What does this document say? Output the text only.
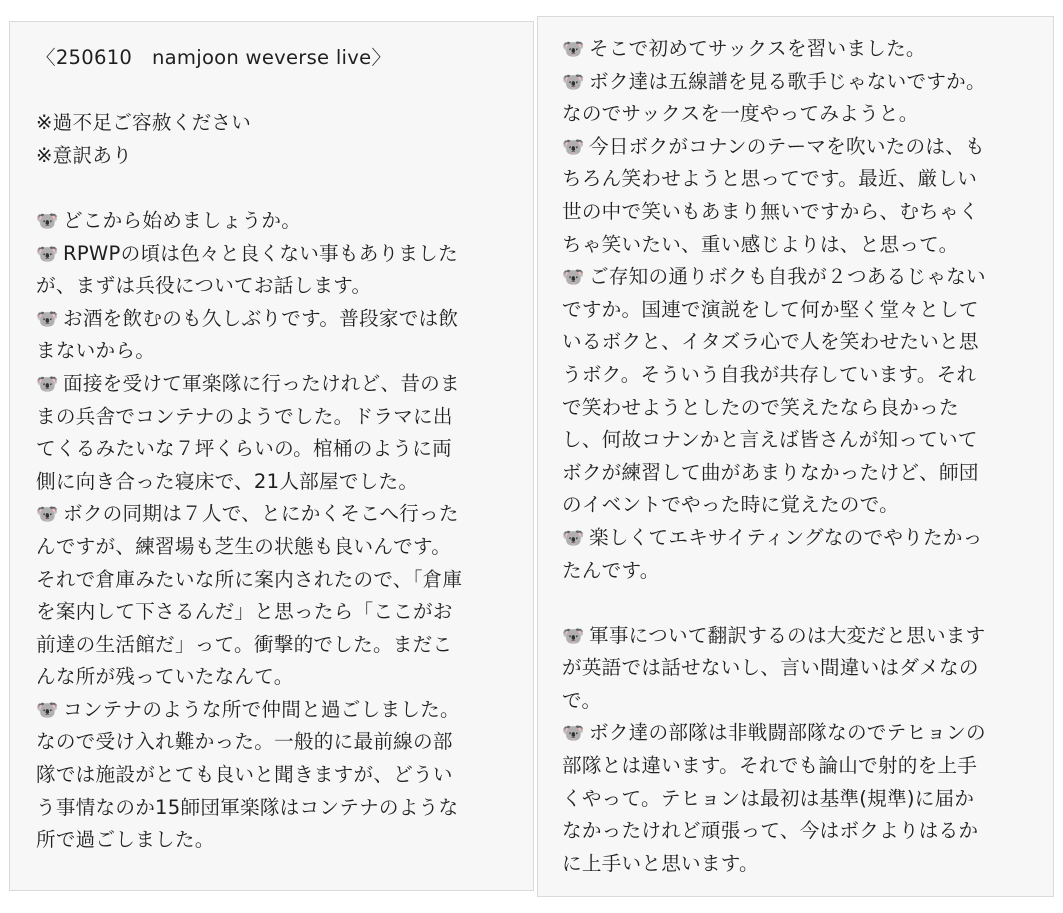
〈250610　namjoon weverse live〉
※過不足ご容赦ください
※意訳あり
🐨 どこから始めましょうか。
🐨 RPWPの頃は色々と良くない事もありました
が、まずは兵役についてお話します。
🐨 お酒を飲むのも久しぶりです。普段家では飲
まないから。
🐨 面接を受けて軍楽隊に行ったけれど、昔のま
まの兵舎でコンテナのようでした。ドラマに出
てくるみたいな７坪くらいの。棺桶のように両
側に向き合った寝床で、21人部屋でした。
🐨 ボクの同期は７人で、とにかくそこへ行った
んですが、練習場も芝生の状態も良いんです。
それで倉庫みたいな所に案内されたので、「倉庫
を案内して下さるんだ」と思ったら「ここがお
前達の生活館だ」って。衝撃的でした。まだこ
んな所が残っていたなんて。
🐨 コンテナのような所で仲間と過ごしました。
なので受け入れ難かった。一般的に最前線の部
隊では施設がとても良いと聞きますが、どうい
う事情なのか15師団軍楽隊はコンテナのような
所で過ごしました。
🐨 そこで初めてサックスを習いました。
🐨 ボク達は五線譜を見る歌手じゃないですか。
なのでサックスを一度やってみようと。
🐨 今日ボクがコナンのテーマを吹いたのは、も
ちろん笑わせようと思ってです。最近、厳しい
世の中で笑いもあまり無いですから、むちゃく
ちゃ笑いたい、重い感じよりは、と思って。
🐨 ご存知の通りボクも自我が２つあるじゃない
ですか。国連で演説をして何か堅く堂々として
いるボクと、イタズラ心で人を笑わせたいと思
うボク。そういう自我が共存しています。それ
で笑わせようとしたので笑えたなら良かった
し、何故コナンかと言えば皆さんが知っていて
ボクが練習して曲があまりなかったけど、師団
のイベントでやった時に覚えたので。
🐨 楽しくてエキサイティングなのでやりたかっ
たんです。
🐨 軍事について翻訳するのは大変だと思います
が英語では話せないし、言い間違いはダメなの
で。
🐨 ボク達の部隊は非戦闘部隊なのでテヒョンの
部隊とは違います。それでも論山で射的を上手
くやって。テヒョンは最初は基準(規準)に届か
なかったけれど頑張って、今はボクよりはるか
に上手いと思います。
